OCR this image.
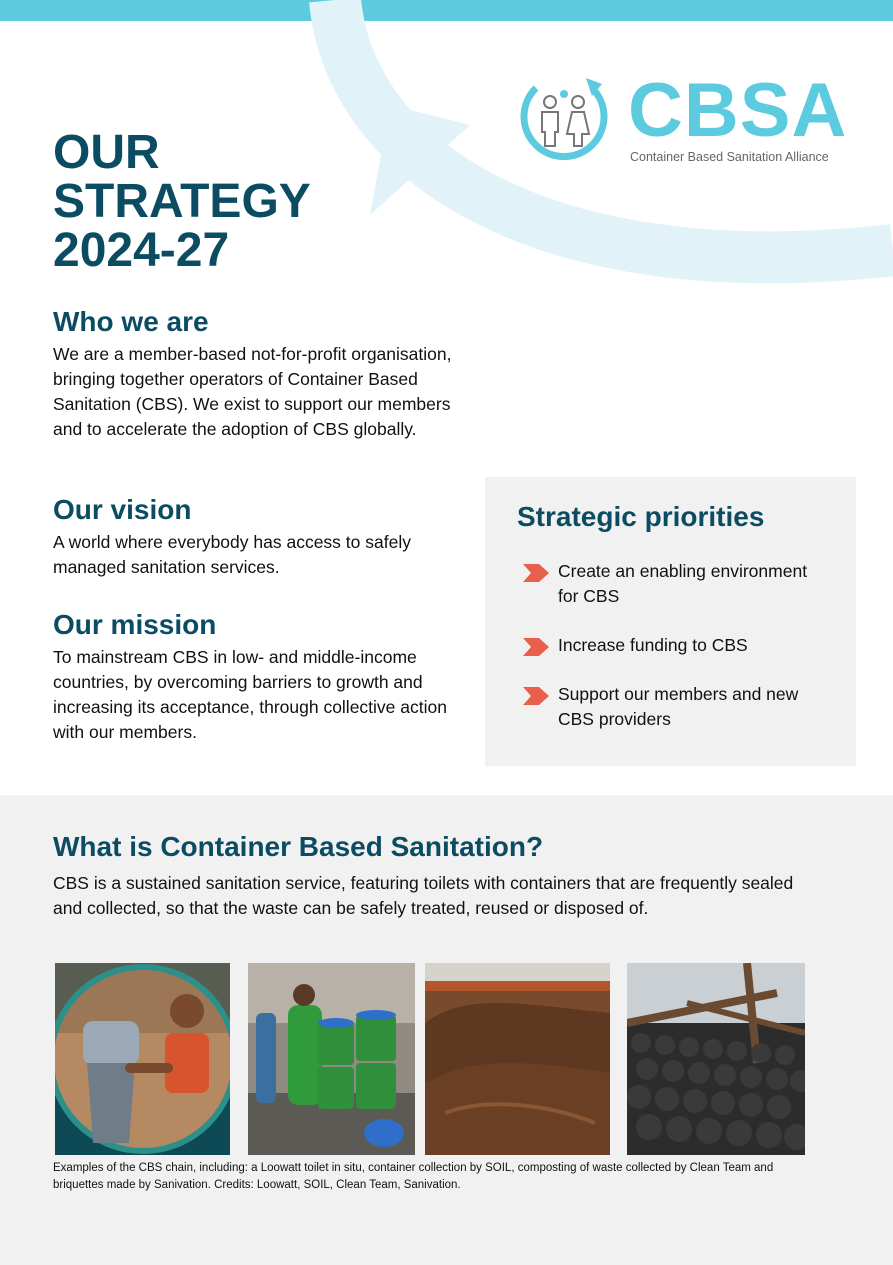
CBSA
Container Based Sanitation Alliance
OUR
STRATEGY
2024-27
Who we are

We are a member-based not-for-profit organisation, bringing together operators of Container Based Sanitation (CBS). We exist to support our members and to accelerate the adoption of CBS globally.

Our vision

A world where everybody has access to safely managed sanitation services.

Our mission

To mainstream CBS in low- and middle-income countries, by overcoming barriers to growth and increasing its acceptance, through collective action with our members.

Strategic priorities
Create an enabling environment for CBS
Increase funding to CBS
Support our members and new CBS providers
What is Container Based Sanitation?

CBS is a sustained sanitation service, featuring toilets with containers that are frequently sealed and collected, so that the waste can be safely treated, reused or disposed of.

Examples of the CBS chain, including: a Loowatt toilet in situ, container collection by SOIL, composting of waste collected by Clean Team and briquettes made by Sanivation. Credits: Loowatt, SOIL, Clean Team, Sanivation.
